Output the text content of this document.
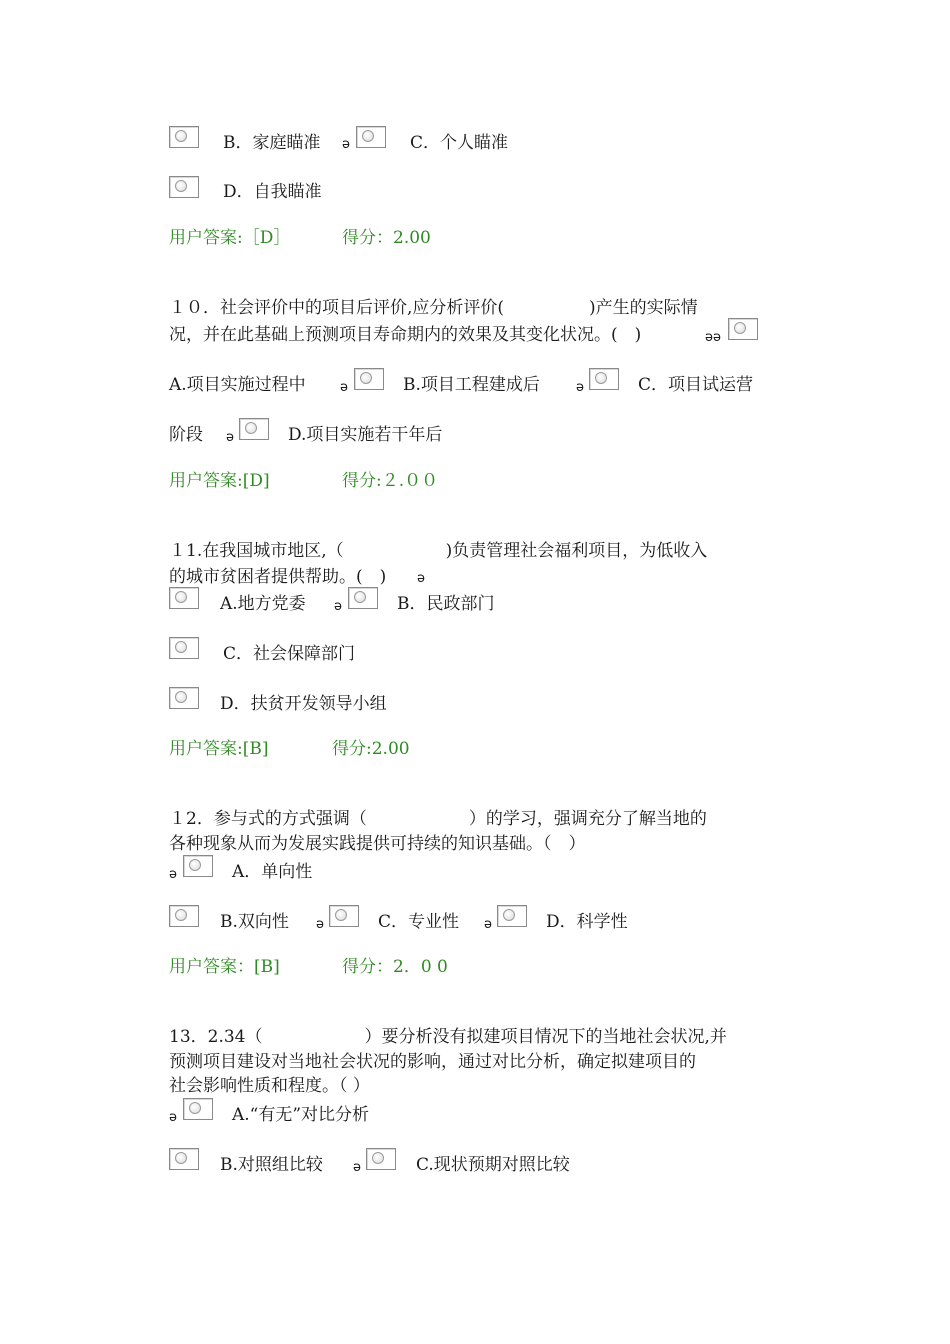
B．家庭瞄准 ə	C．个人瞄准
D．自我瞄准
用户答案:［D］	得分：2.00
１０．社会评价中的项目后评价,应分析评价(　　　　　)产生的实际情
况，并在此基础上预测项目寿命期内的效果及其变化状况。(　)	əə
A.项目实施过程中	ə	B.项目工程建成后	ə	C．项目试运营
阶段 ə	D.项目实施若干年后
用户答案:[D]	得分:２.００
１1.在我国城市地区,（　　　　　　)负责管理社会福利项目，为低收入
的城市贫困者提供帮助。(　) ə
A.地方党委 ə	B．民政部门
C．社会保障部门
D．扶贫开发领导小组
用户答案:[B]	得分:2.00
１2．参与式的方式强调（　　　　　　）的学习，强调充分了解当地的
各种现象从而为发展实践提供可持续的知识基础。（　）
ə	A．单向性
B.双向性 ə	C．专业性 ə	D．科学性
用户答案：[B]	得分：2．0 0
13．2.34（　　　　　　）要分析没有拟建项目情况下的当地社会状况,并
预测项目建设对当地社会状况的影响，通过对比分析，确定拟建项目的
社会影响性质和程度。（ ）
ə	A.“有无”对比分析
B.对照组比较 ə	C.现状预期对照比较
